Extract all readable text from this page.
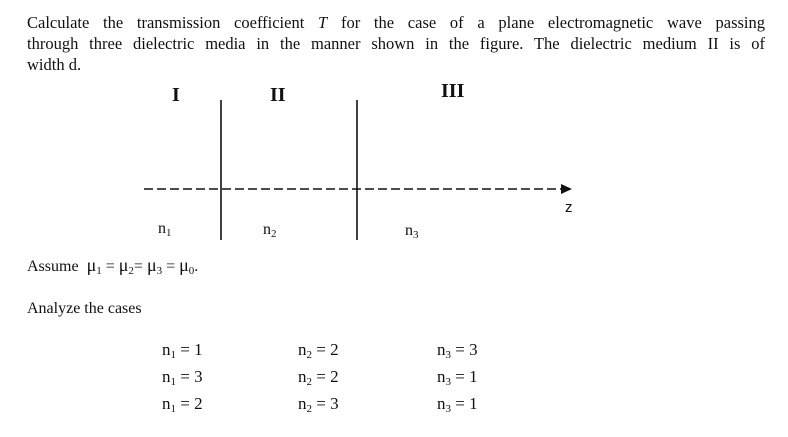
Calculate the transmission coefficient T for the case of a plane electromagnetic wave passing
through three dielectric media in the manner shown in the figure. The dielectric medium II is of
width d.
I	II	III
z
$n_1$	$n_2$	$n_3$
Assume $\mu_1 = \mu_2= \mu_3 = \mu_0$.
Analyze the cases
$n_1 = 1$	$n_2 = 2$	$n_3 = 3$
$n_1 = 3$	$n_2 = 2$	$n_3 = 1$
$n_1 = 2$	$n_2 = 3$	$n_3 = 1$
